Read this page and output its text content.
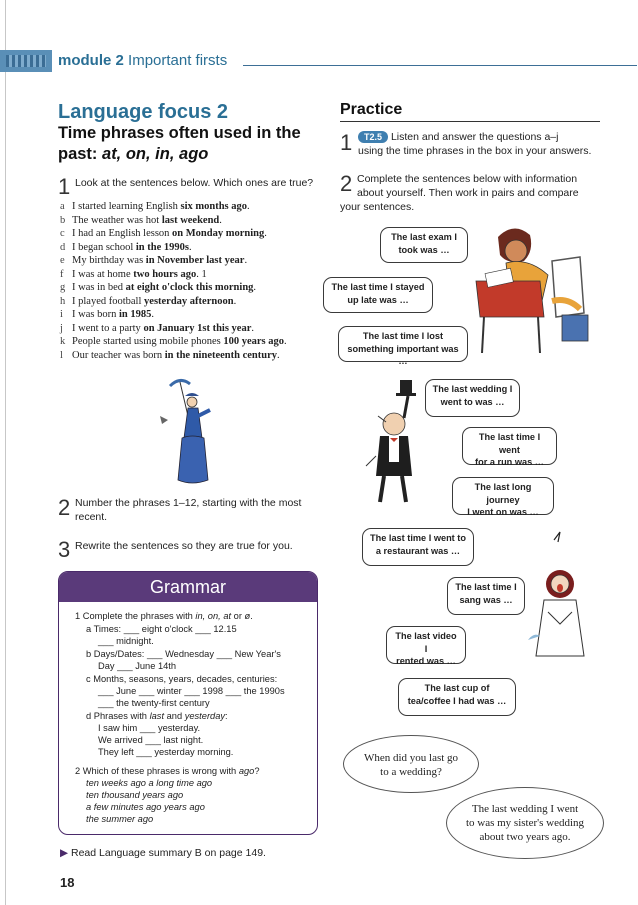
module 2 Important firsts
Language focus 2
Time phrases often used in the past: at, on, in, ago
1 Look at the sentences below. Which ones are true?
a I started learning English six months ago.
b The weather was hot last weekend.
c I had an English lesson on Monday morning.
d I began school in the 1990s.
e My birthday was in November last year.
f I was at home two hours ago. 1
g I was in bed at eight o'clock this morning.
h I played football yesterday afternoon.
i I was born in 1985.
j I went to a party on January 1st this year.
k People started using mobile phones 100 years ago.
l Our teacher was born in the nineteenth century.
2 Number the phrases 1–12, starting with the most recent.
3 Rewrite the sentences so they are true for you.
Grammar
1 Complete the phrases with in, on, at or ø.
a Times: ___ eight o'clock ___ 12.15
___ midnight.
b Days/Dates: ___ Wednesday ___ New Year's
Day ___ June 14th
c Months, seasons, years, decades, centuries:
___ June ___ winter ___ 1998 ___ the 1990s
___ the twenty-first century
d Phrases with last and yesterday:
I saw him ___ yesterday.
We arrived ___ last night.
They left ___ yesterday morning.
2 Which of these phrases is wrong with ago?
ten weeks ago a long time ago
ten thousand years ago
a few minutes ago years ago
the summer ago
▶ Read Language summary B on page 149.
18
Practice
1	T2.5 Listen and answer the questions a–j
using the time phrases in the box in your answers.
2 Complete the sentences below with information
about yourself. Then work in pairs and compare
your sentences.
The last exam I
took was …
The last time I stayed
up late was …
The last time I lost
something important was …
The last wedding I
went to was …
The last time I went
for a run was …
The last long journey
I went on was …
The last time I went to
a restaurant was …
The last time I
sang was …
The last video I
rented was …
The last cup of
tea/coffee I had was …
When did you last go
to a wedding?
The last wedding I went
to was my sister's wedding
about two years ago.
